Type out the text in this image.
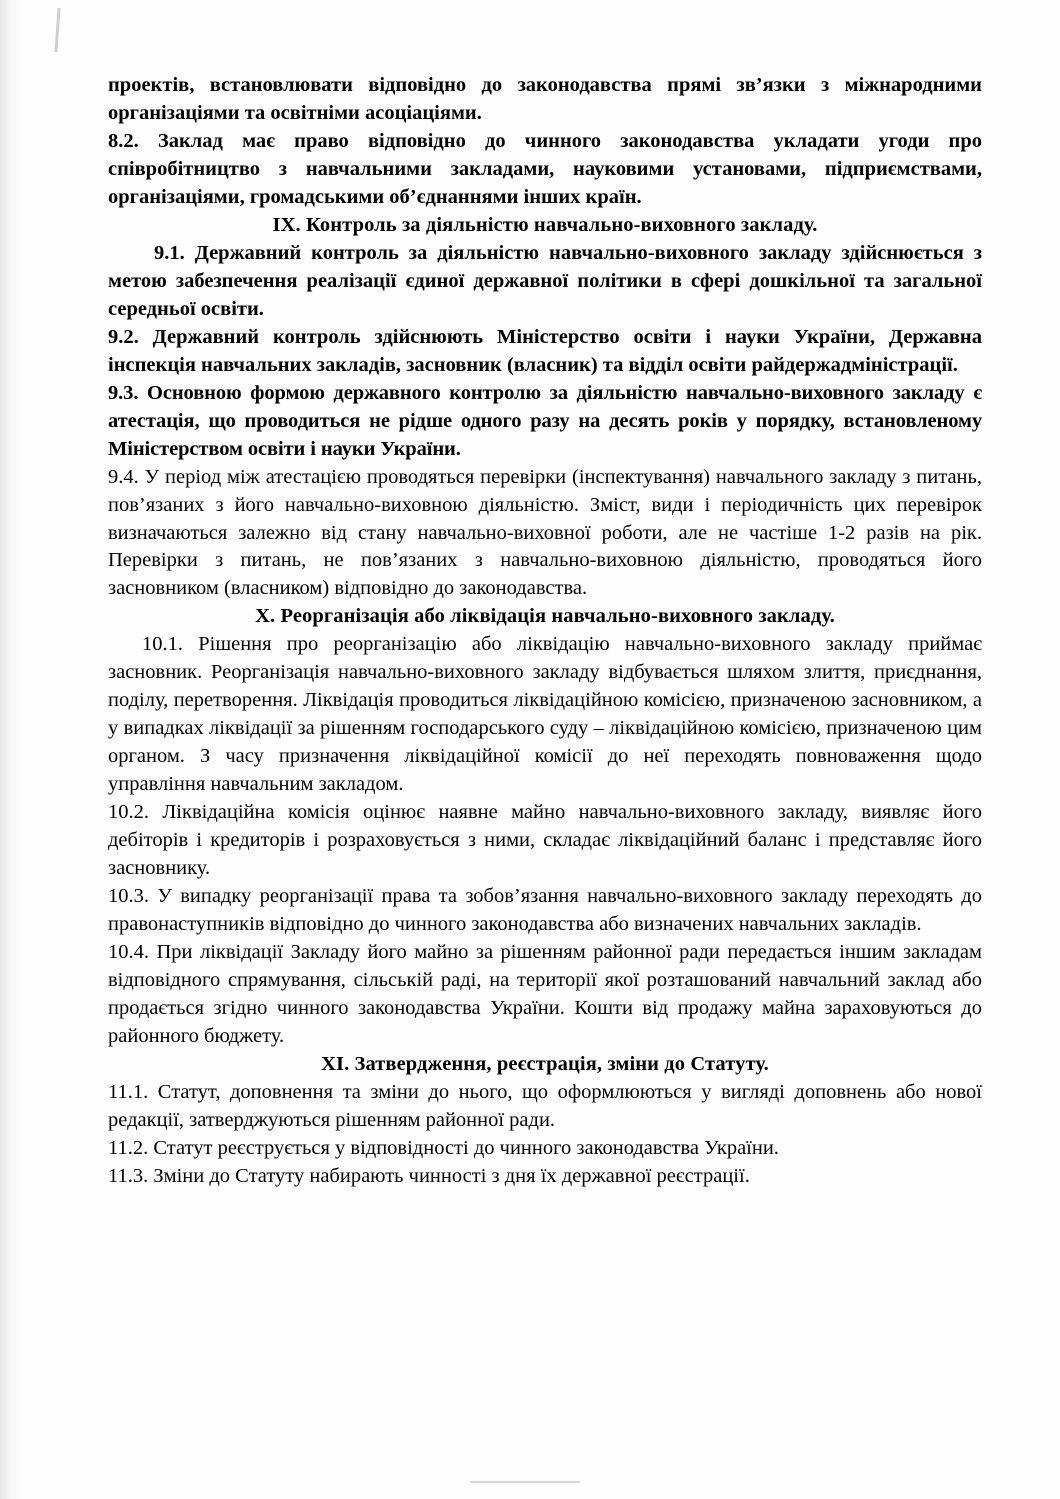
проектів, встановлювати відповідно до законодавства прямі зв’язки з міжнародними організаціями та освітніми асоціаціями.

8.2. Заклад має право відповідно до чинного законодавства укладати угоди про співробітництво з навчальними закладами, науковими установами, підприємствами, організаціями, громадськими об’єднаннями інших країн.

IX. Контроль за діяльністю навчально-виховного закладу.

9.1. Державний контроль за діяльністю навчально-виховного закладу здійснюється з метою забезпечення реалізації єдиної державної політики в сфері дошкільної та загальної середньої освіти.

9.2. Державний контроль здійснюють Міністерство освіти і науки України, Державна інспекція навчальних закладів, засновник (власник) та відділ освіти райдержадміністрації.

9.3. Основною формою державного контролю за діяльністю навчально-виховного закладу є атестація, що проводиться не рідше одного разу на десять років у порядку, встановленому Міністерством освіти і науки України.

9.4. У період між атестацією проводяться перевірки (інспектування) навчального закладу з питань, пов’язаних з його навчально-виховною діяльністю. Зміст, види і періодичність цих перевірок визначаються залежно від стану навчально-виховної роботи, але не частіше 1-2 разів на рік. Перевірки з питань, не пов’язаних з навчально-виховною діяльністю, проводяться його засновником (власником) відповідно до законодавства.

X. Реорганізація або ліквідація навчально-виховного закладу.

10.1. Рішення про реорганізацію або ліквідацію навчально-виховного закладу приймає засновник. Реорганізація навчально-виховного закладу відбувається шляхом злиття, приєднання, поділу, перетворення. Ліквідація проводиться ліквідаційною комісією, призначеною засновником, а у випадках ліквідації за рішенням господарського суду – ліквідаційною комісією, призначеною цим органом. З часу призначення ліквідаційної комісії до неї переходять повноваження щодо управління навчальним закладом.

10.2. Ліквідаційна комісія оцінює наявне майно навчально-виховного закладу, виявляє його дебіторів і кредиторів і розраховується з ними, складає ліквідаційний баланс і представляє його засновнику.

10.3. У випадку реорганізації права та зобов’язання навчально-виховного закладу переходять до правонаступників відповідно до чинного законодавства або визначених навчальних закладів.

10.4. При ліквідації Закладу його майно за рішенням районної ради передається іншим закладам відповідного спрямування, сільській раді, на території якої розташований навчальний заклад або продається згідно чинного законодавства України. Кошти від продажу майна зараховуються до районного бюджету.

XI. Затвердження, реєстрація, зміни до Статуту.

11.1. Статут, доповнення та зміни до нього, що оформлюються у вигляді доповнень або нової редакції, затверджуються рішенням районної ради.

11.2. Статут реєструється у відповідності до чинного законодавства України.

11.3. Зміни до Статуту набирають чинності з дня їх державної реєстрації.
